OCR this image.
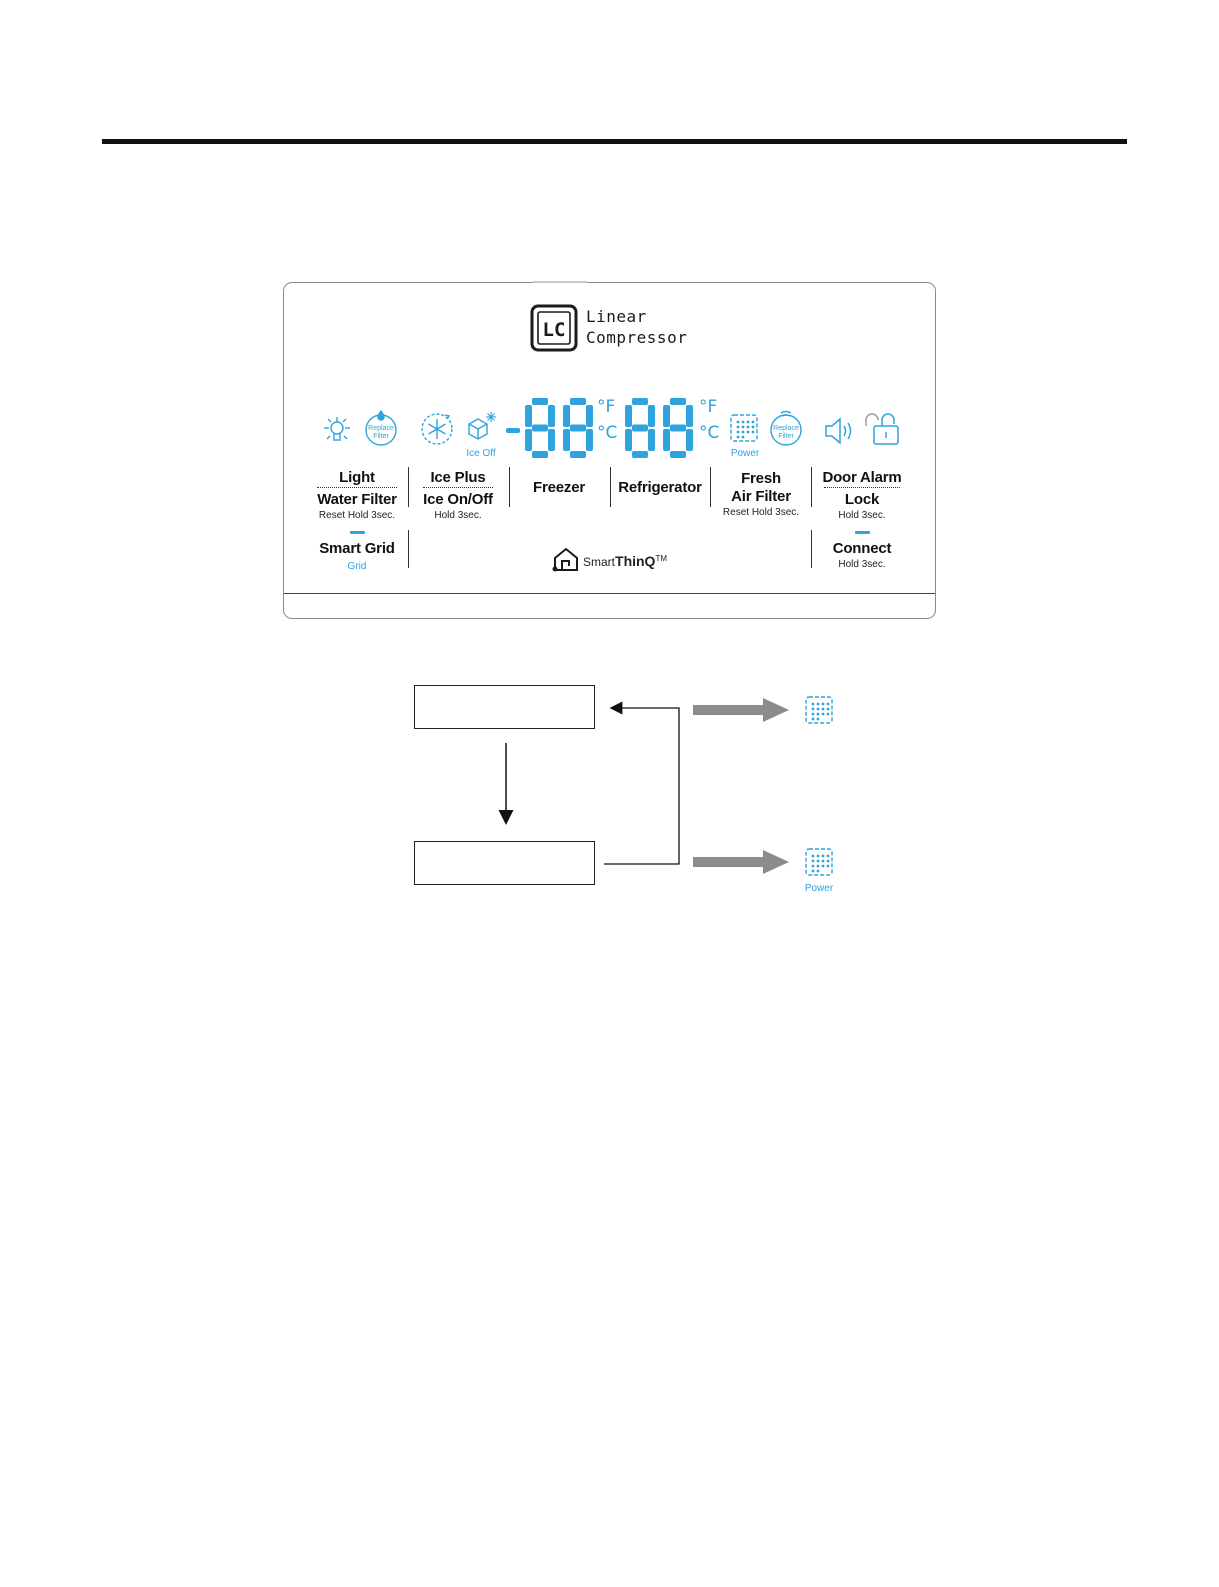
LC
Linear
Compressor
Replace
Filter
Ice Off
°F
°C
°F
°C
Power
Replace
Filter
Light
Water Filter
Reset Hold 3sec.
Ice Plus
Ice On/Off
Hold 3sec.
Freezer Refrigerator
Fresh
Air Filter
Reset Hold 3sec.
Door Alarm
Lock
Hold 3sec.
Smart Grid
Grid	SmartThinQ™
Connect
Hold 3sec.
Power
